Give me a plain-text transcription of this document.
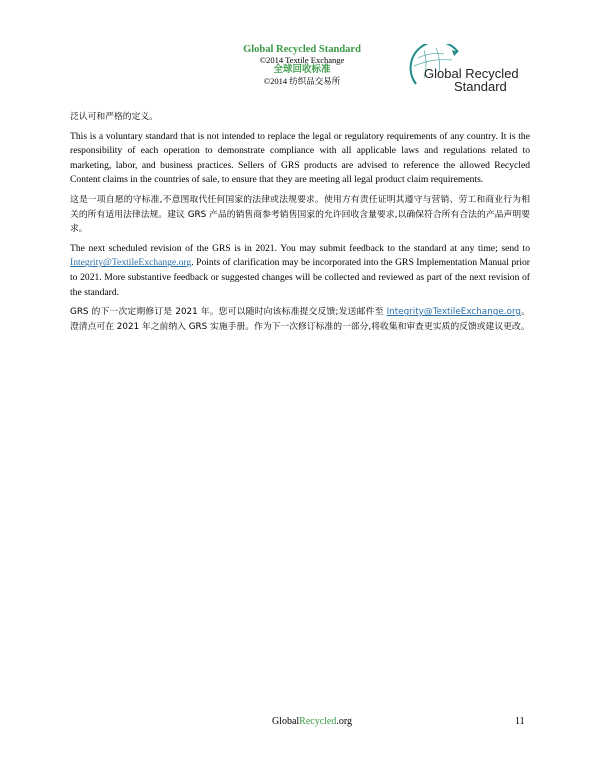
Global Recycled Standard
©2014 Textile Exchange
全球回收标准
©2014 纺织品交易所	Global Recycled
Standard

泛认可和严格的定义。

This is a voluntary standard that is not intended to replace the legal or regulatory requirements of any country. It is the responsibility of each operation to demonstrate compliance with all applicable laws and regulations related to marketing, labor, and business practices. Sellers of GRS products are advised to reference the allowed Recycled Content claims in the countries of sale, to ensure that they are meeting all legal product claim requirements.

这是一项自愿的守标准,不意图取代任何国家的法律或法规要求。使用方有责任证明其遵守与营销、劳工和商业行为相关的所有适用法律法规。建议 GRS 产品的销售商参考销售国家的允许回收含量要求,以确保符合所有合法的产品声明要求。

The next scheduled revision of the GRS is in 2021. You may submit feedback to the standard at any time; send to Integrity@TextileExchange.org. Points of clarification may be incorporated into the GRS Implementation Manual prior to 2021. More substantive feedback or suggested changes will be collected and reviewed as part of the next revision of the standard.

GRS 的下一次定期修订是 2021 年。您可以随时向该标准提交反馈;发送邮件至 Integrity@TextileExchange.org。澄清点可在 2021 年之前纳入 GRS 实施手册。作为下一次修订标准的一部分,将收集和审查更实质的反馈或建议更改。

GlobalRecycled.org	11
